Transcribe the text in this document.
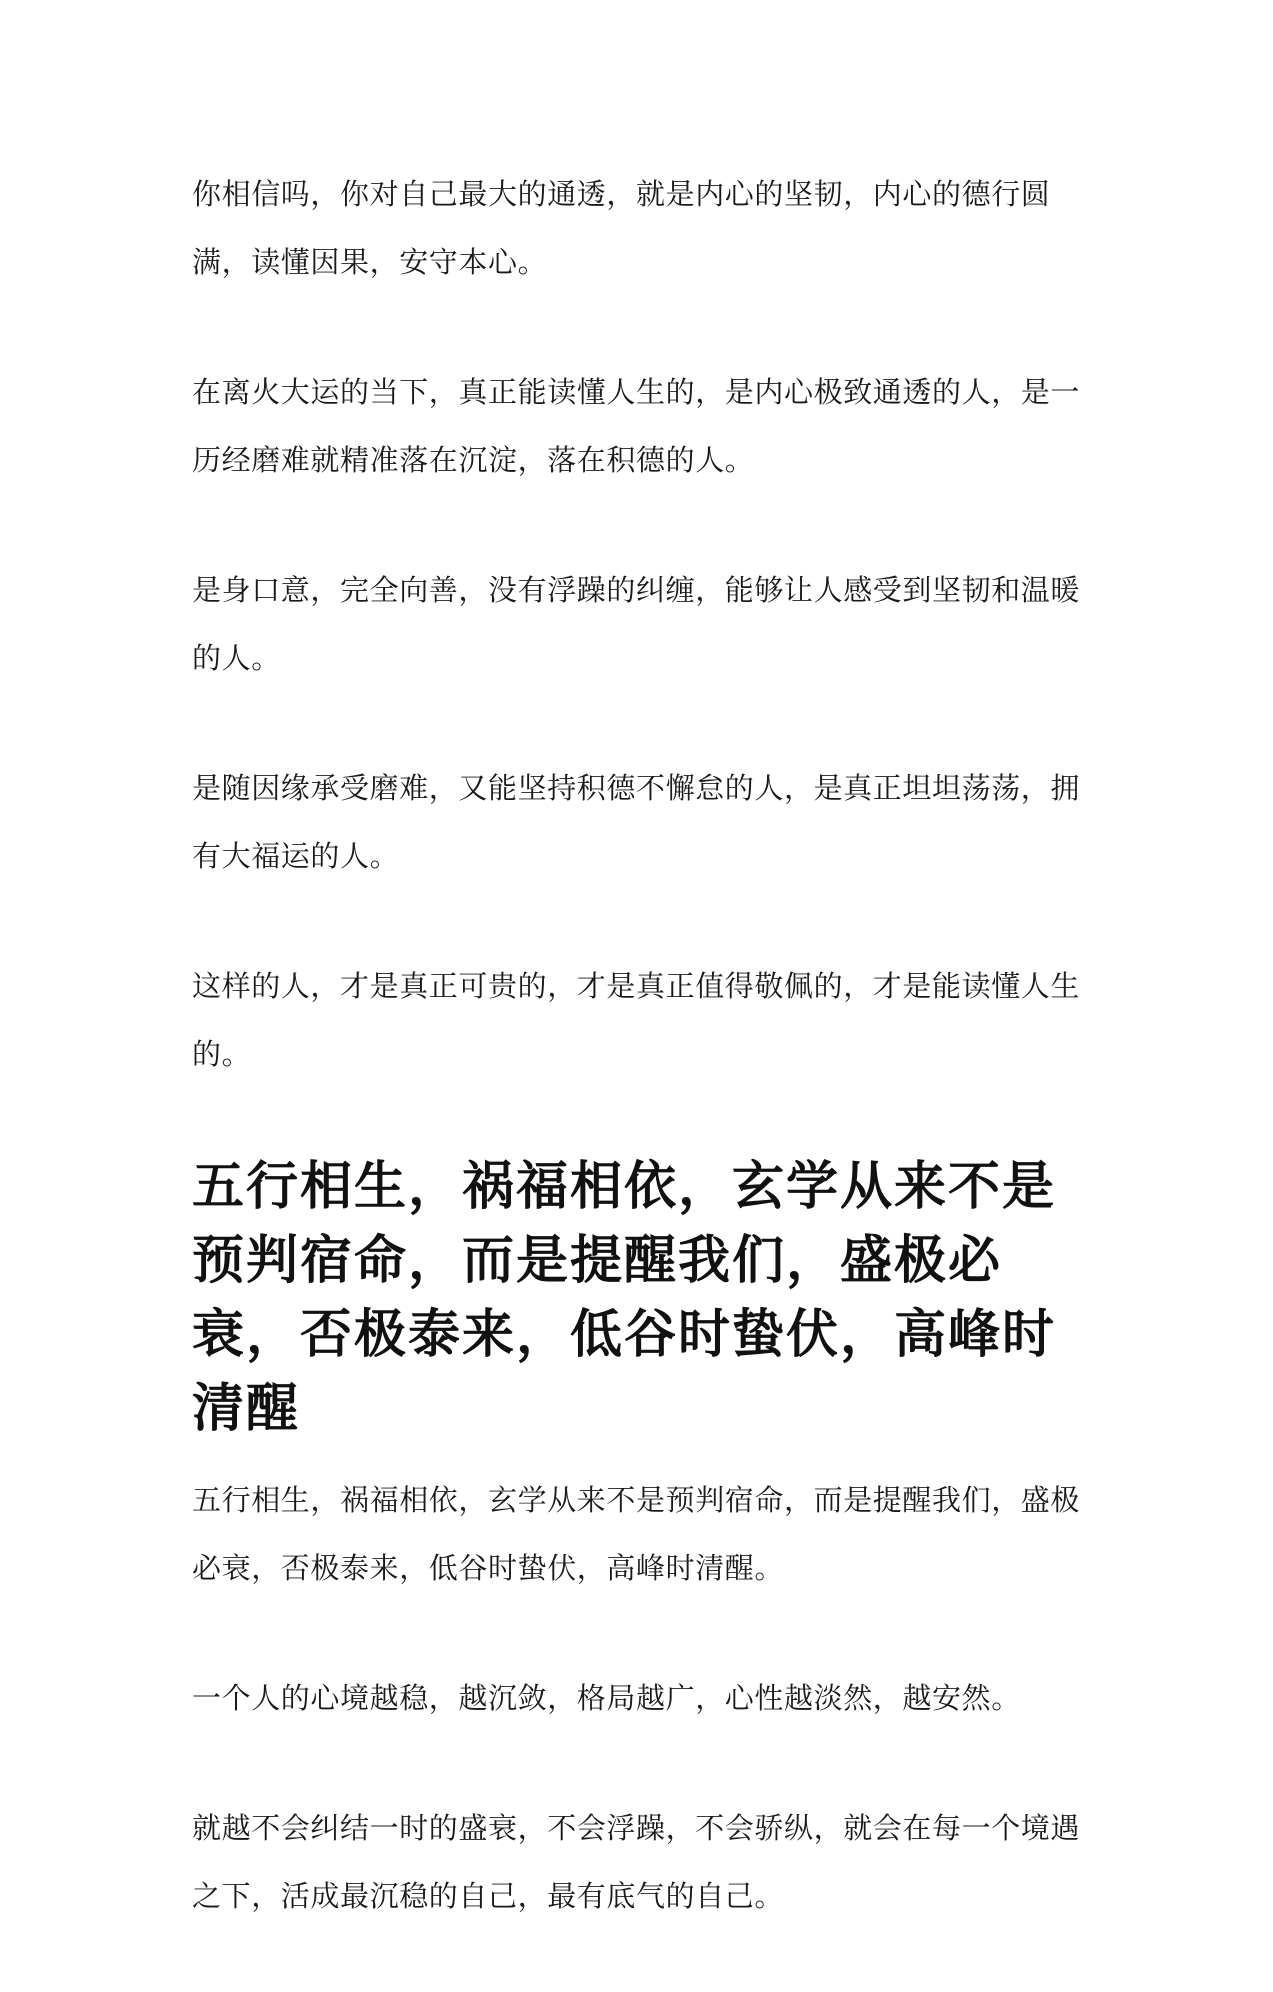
你相信吗，你对自己最大的通透，就是内心的坚韧，内心的德行圆满，读懂因果，安守本心。

在离火大运的当下，真正能读懂人生的，是内心极致通透的人，是一历经磨难就精准落在沉淀，落在积德的人。

是身口意，完全向善，没有浮躁的纠缠，能够让人感受到坚韧和温暖的人。

是随因缘承受磨难，又能坚持积德不懈怠的人，是真正坦坦荡荡，拥有大福运的人。

这样的人，才是真正可贵的，才是真正值得敬佩的，才是能读懂人生的。

五行相生，祸福相依，玄学从来不是预判宿命，而是提醒我们，盛极必衰，否极泰来，低谷时蛰伏，高峰时清醒

五行相生，祸福相依，玄学从来不是预判宿命，而是提醒我们，盛极必衰，否极泰来，低谷时蛰伏，高峰时清醒。

一个人的心境越稳，越沉敛，格局越广，心性越淡然，越安然。

就越不会纠结一时的盛衰，不会浮躁，不会骄纵，就会在每一个境遇之下，活成最沉稳的自己，最有底气的自己。
